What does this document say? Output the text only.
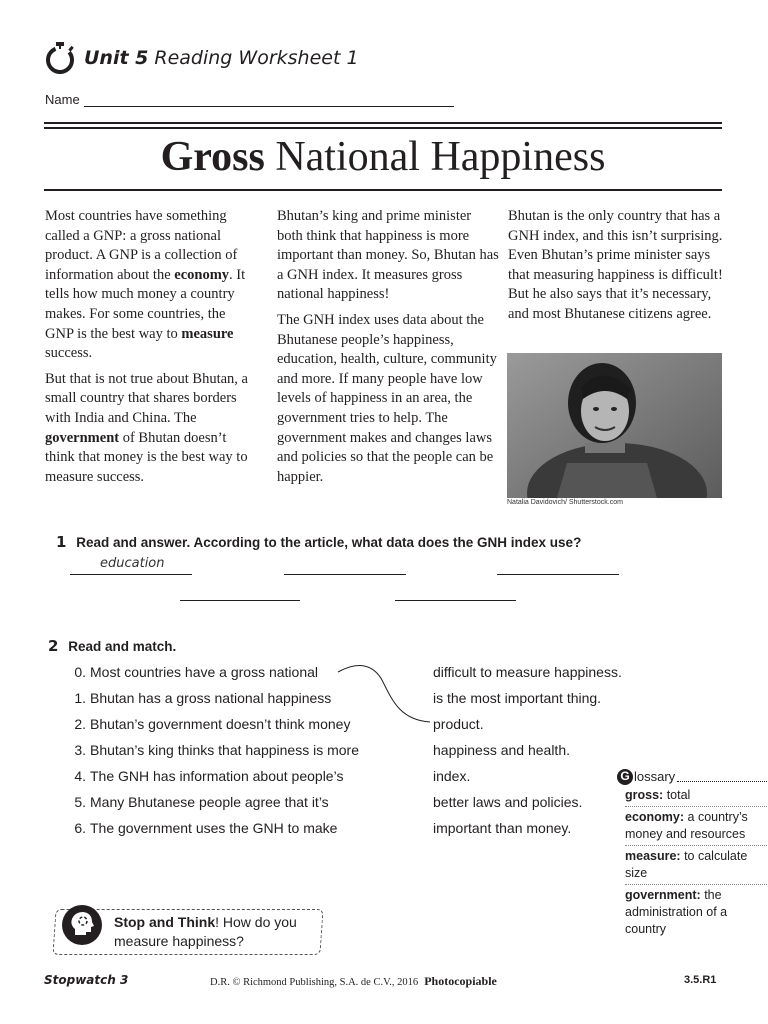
Unit 5 Reading Worksheet 1
Name
Gross National Happiness

Most countries have something called a GNP: a gross national product. A GNP is a collection of information about the economy. It tells how much money a country makes. For some countries, the GNP is the best way to measure success.

But that is not true about Bhutan, a small country that shares borders with India and China. The government of Bhutan doesn’t think that money is the best way to measure success.

Bhutan’s king and prime minister both think that happiness is more important than money. So, Bhutan has a GNH index. It measures gross national happiness!

The GNH index uses data about the Bhutanese people’s happiness, education, health, culture, community and more. If many people have low levels of happiness in an area, the government tries to help. The government makes and changes laws and policies so that the people can be happier.

Bhutan is the only country that has a GNH index, and this isn’t surprising. Even Bhutan’s prime minister says that measuring happiness is difficult! But he also says that it’s necessary, and most Bhutanese citizens agree.

Natalia Davidovich/ Shutterstock.com
1 Read and answer. According to the article, what data does the GNH index use?
education
2 Read and match.
0. Most countries have a gross national
1. Bhutan has a gross national happiness
2. Bhutan’s government doesn’t think money
3. Bhutan’s king thinks that happiness is more
4. The GNH has information about people’s
5. Many Bhutanese people agree that it’s
6. The government uses the GNH to make
difficult to measure happiness.
is the most important thing.
product.
happiness and health.
index.
better laws and policies.
important than money.
G lossary
gross: total
economy: a country’s money and resources
measure: to calculate size
government: the administration of a country
Stop and Think! How do you measure happiness?
Stopwatch 3	D.R. © Richmond Publishing, S.A. de C.V., 2016 Photocopiable	3.5.R1
